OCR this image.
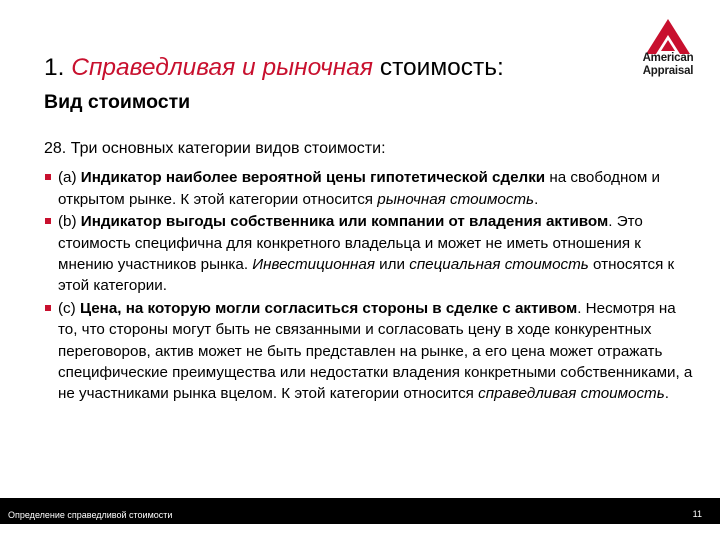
1. Справедливая и рыночная стоимость:
Вид стоимости
American
Appraisal

28. Три основных категории видов стоимости:

(a) Индикатор наиболее вероятной цены гипотетической сделки на свободном и открытом рынке. К этой категории относится рыночная стоимость.
(b) Индикатор выгоды собственника или компании от владения активом. Это стоимость специфична для конкретного владельца и может не иметь отношения к мнению участников рынка. Инвестиционная или специальная стоимость относятся к этой категории.
(c) Цена, на которую могли согласиться стороны в сделке с активом. Несмотря на то, что стороны могут быть не связанными и согласовать цену в ходе конкурентных переговоров, актив может не быть представлен на рынке, а его цена может отражать специфические преимущества или недостатки владения конкретными собственниками, а не участниками рынка вцелом. К этой категории относится справедливая стоимость.
Определение справедливой стоимости	11
